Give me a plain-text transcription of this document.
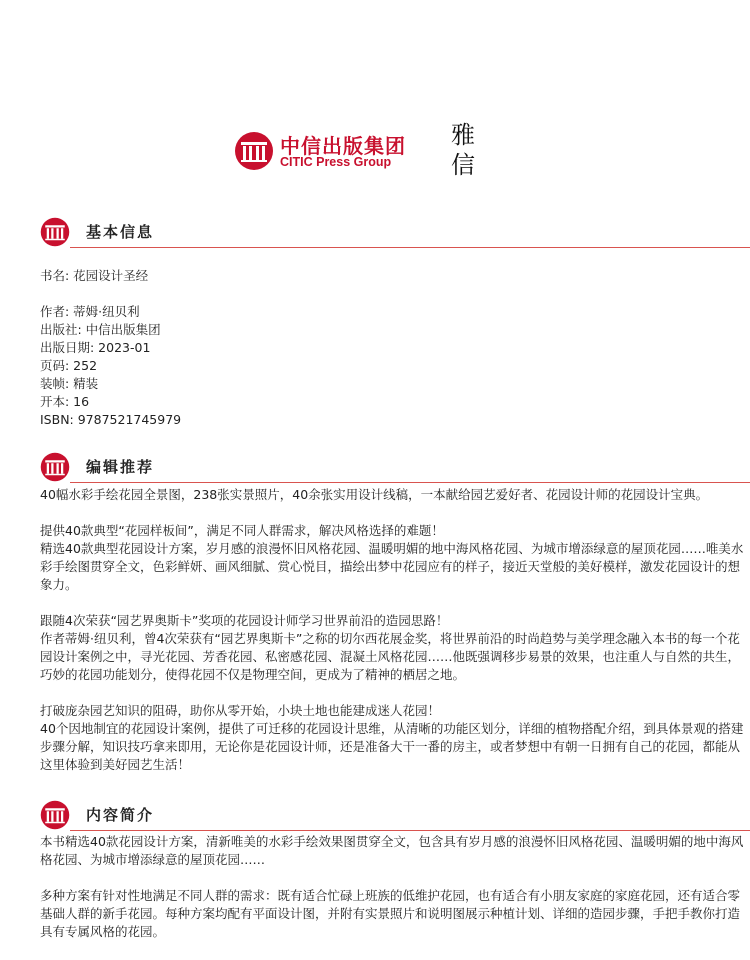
中信出版集团
CITIC Press Group
雅
信
基本信息

书名: 花园设计圣经

作者: 蒂姆·纽贝利

出版社: 中信出版集团

出版日期: 2023-01

页码: 252

装帧: 精装

开本: 16

ISBN: 9787521745979

编辑推荐

40幅水彩手绘花园全景图，238张实景照片，40余张实用设计线稿，一本献给园艺爱好者、花园设计师的花园设计宝典。

提供40款典型“花园样板间”，满足不同人群需求，解决风格选择的难题！

精选40款典型花园设计方案，岁月感的浪漫怀旧风格花园、温暖明媚的地中海风格花园、为城市增添绿意的屋顶花园……唯美水彩手绘图贯穿全文，色彩鲜妍、画风细腻、赏心悦目，描绘出梦中花园应有的样子，接近天堂般的美好模样，激发花园设计的想象力。

跟随4次荣获“园艺界奥斯卡”奖项的花园设计师学习世界前沿的造园思路！

作者蒂姆·纽贝利，曾4次荣获有“园艺界奥斯卡”之称的切尔西花展金奖，将世界前沿的时尚趋势与美学理念融入本书的每一个花园设计案例之中，寻光花园、芳香花园、私密感花园、混凝土风格花园……他既强调移步易景的效果，也注重人与自然的共生，巧妙的花园功能划分，使得花园不仅是物理空间，更成为了精神的栖居之地。

打破庞杂园艺知识的阻碍，助你从零开始，小块土地也能建成迷人花园！

40个因地制宜的花园设计案例，提供了可迁移的花园设计思维，从清晰的功能区划分，详细的植物搭配介绍，到具体景观的搭建步骤分解，知识技巧拿来即用，无论你是花园设计师，还是准备大干一番的房主，或者梦想中有朝一日拥有自己的花园，都能从这里体验到美好园艺生活！

内容简介

本书精选40款花园设计方案，清新唯美的水彩手绘效果图贯穿全文，包含具有岁月感的浪漫怀旧风格花园、温暖明媚的地中海风格花园、为城市增添绿意的屋顶花园……

多种方案有针对性地满足不同人群的需求：既有适合忙碌上班族的低维护花园，也有适合有小朋友家庭的家庭花园，还有适合零基础人群的新手花园。每种方案均配有平面设计图，并附有实景照片和说明图展示种植计划、详细的造园步骤，手把手教你打造具有专属风格的花园。
